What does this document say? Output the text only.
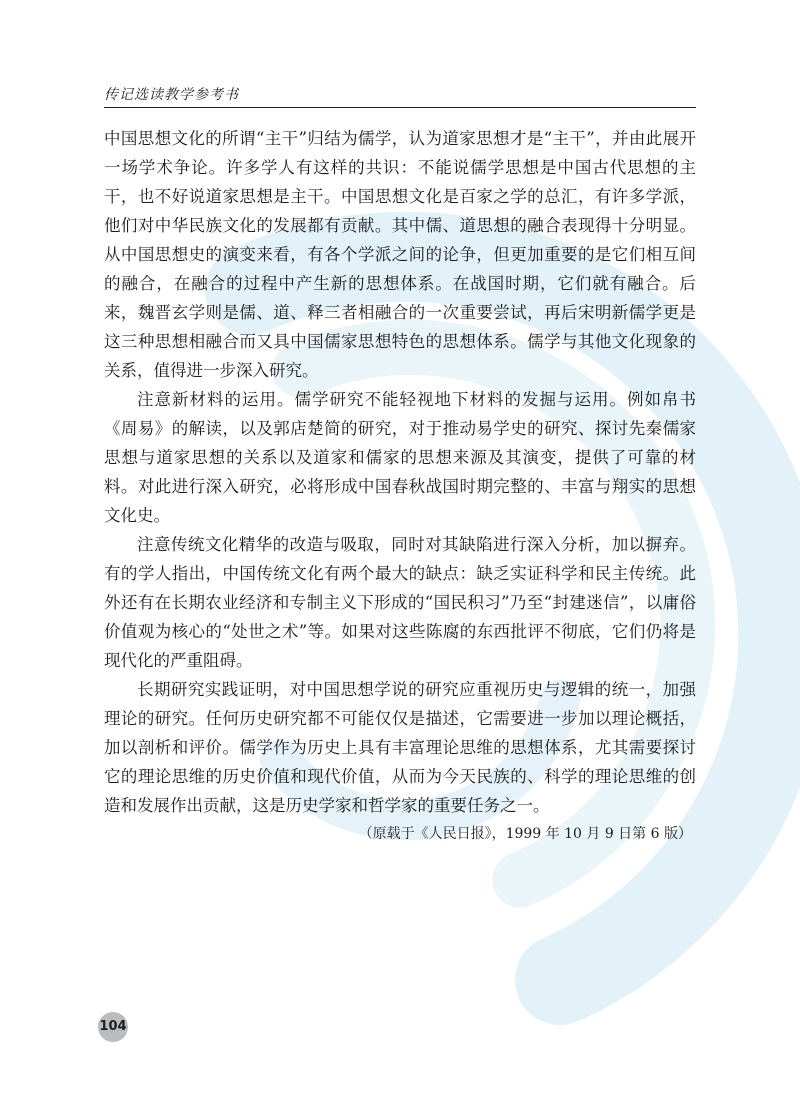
传记选读教学参考书

中国思想文化的所谓“主干”归结为儒学，认为道家思想才是“主干”，并由此展开一场学术争论。许多学人有这样的共识：不能说儒学思想是中国古代思想的主干，也不好说道家思想是主干。中国思想文化是百家之学的总汇，有许多学派，他们对中华民族文化的发展都有贡献。其中儒、道思想的融合表现得十分明显。从中国思想史的演变来看，有各个学派之间的论争，但更加重要的是它们相互间的融合，在融合的过程中产生新的思想体系。在战国时期，它们就有融合。后来，魏晋玄学则是儒、道、释三者相融合的一次重要尝试，再后宋明新儒学更是这三种思想相融合而又具中国儒家思想特色的思想体系。儒学与其他文化现象的关系，值得进一步深入研究。

注意新材料的运用。儒学研究不能轻视地下材料的发掘与运用。例如帛书《周易》的解读，以及郭店楚简的研究，对于推动易学史的研究、探讨先秦儒家思想与道家思想的关系以及道家和儒家的思想来源及其演变，提供了可靠的材料。对此进行深入研究，必将形成中国春秋战国时期完整的、丰富与翔实的思想文化史。

注意传统文化精华的改造与吸取，同时对其缺陷进行深入分析，加以摒弃。有的学人指出，中国传统文化有两个最大的缺点：缺乏实证科学和民主传统。此外还有在长期农业经济和专制主义下形成的“国民积习”乃至“封建迷信”，以庸俗价值观为核心的“处世之术”等。如果对这些陈腐的东西批评不彻底，它们仍将是现代化的严重阻碍。

长期研究实践证明，对中国思想学说的研究应重视历史与逻辑的统一，加强理论的研究。任何历史研究都不可能仅仅是描述，它需要进一步加以理论概括，加以剖析和评价。儒学作为历史上具有丰富理论思维的思想体系，尤其需要探讨它的理论思维的历史价值和现代价值，从而为今天民族的、科学的理论思维的创造和发展作出贡献，这是历史学家和哲学家的重要任务之一。

（原载于《人民日报》，1999 年 10 月 9 日第 6 版）
104
